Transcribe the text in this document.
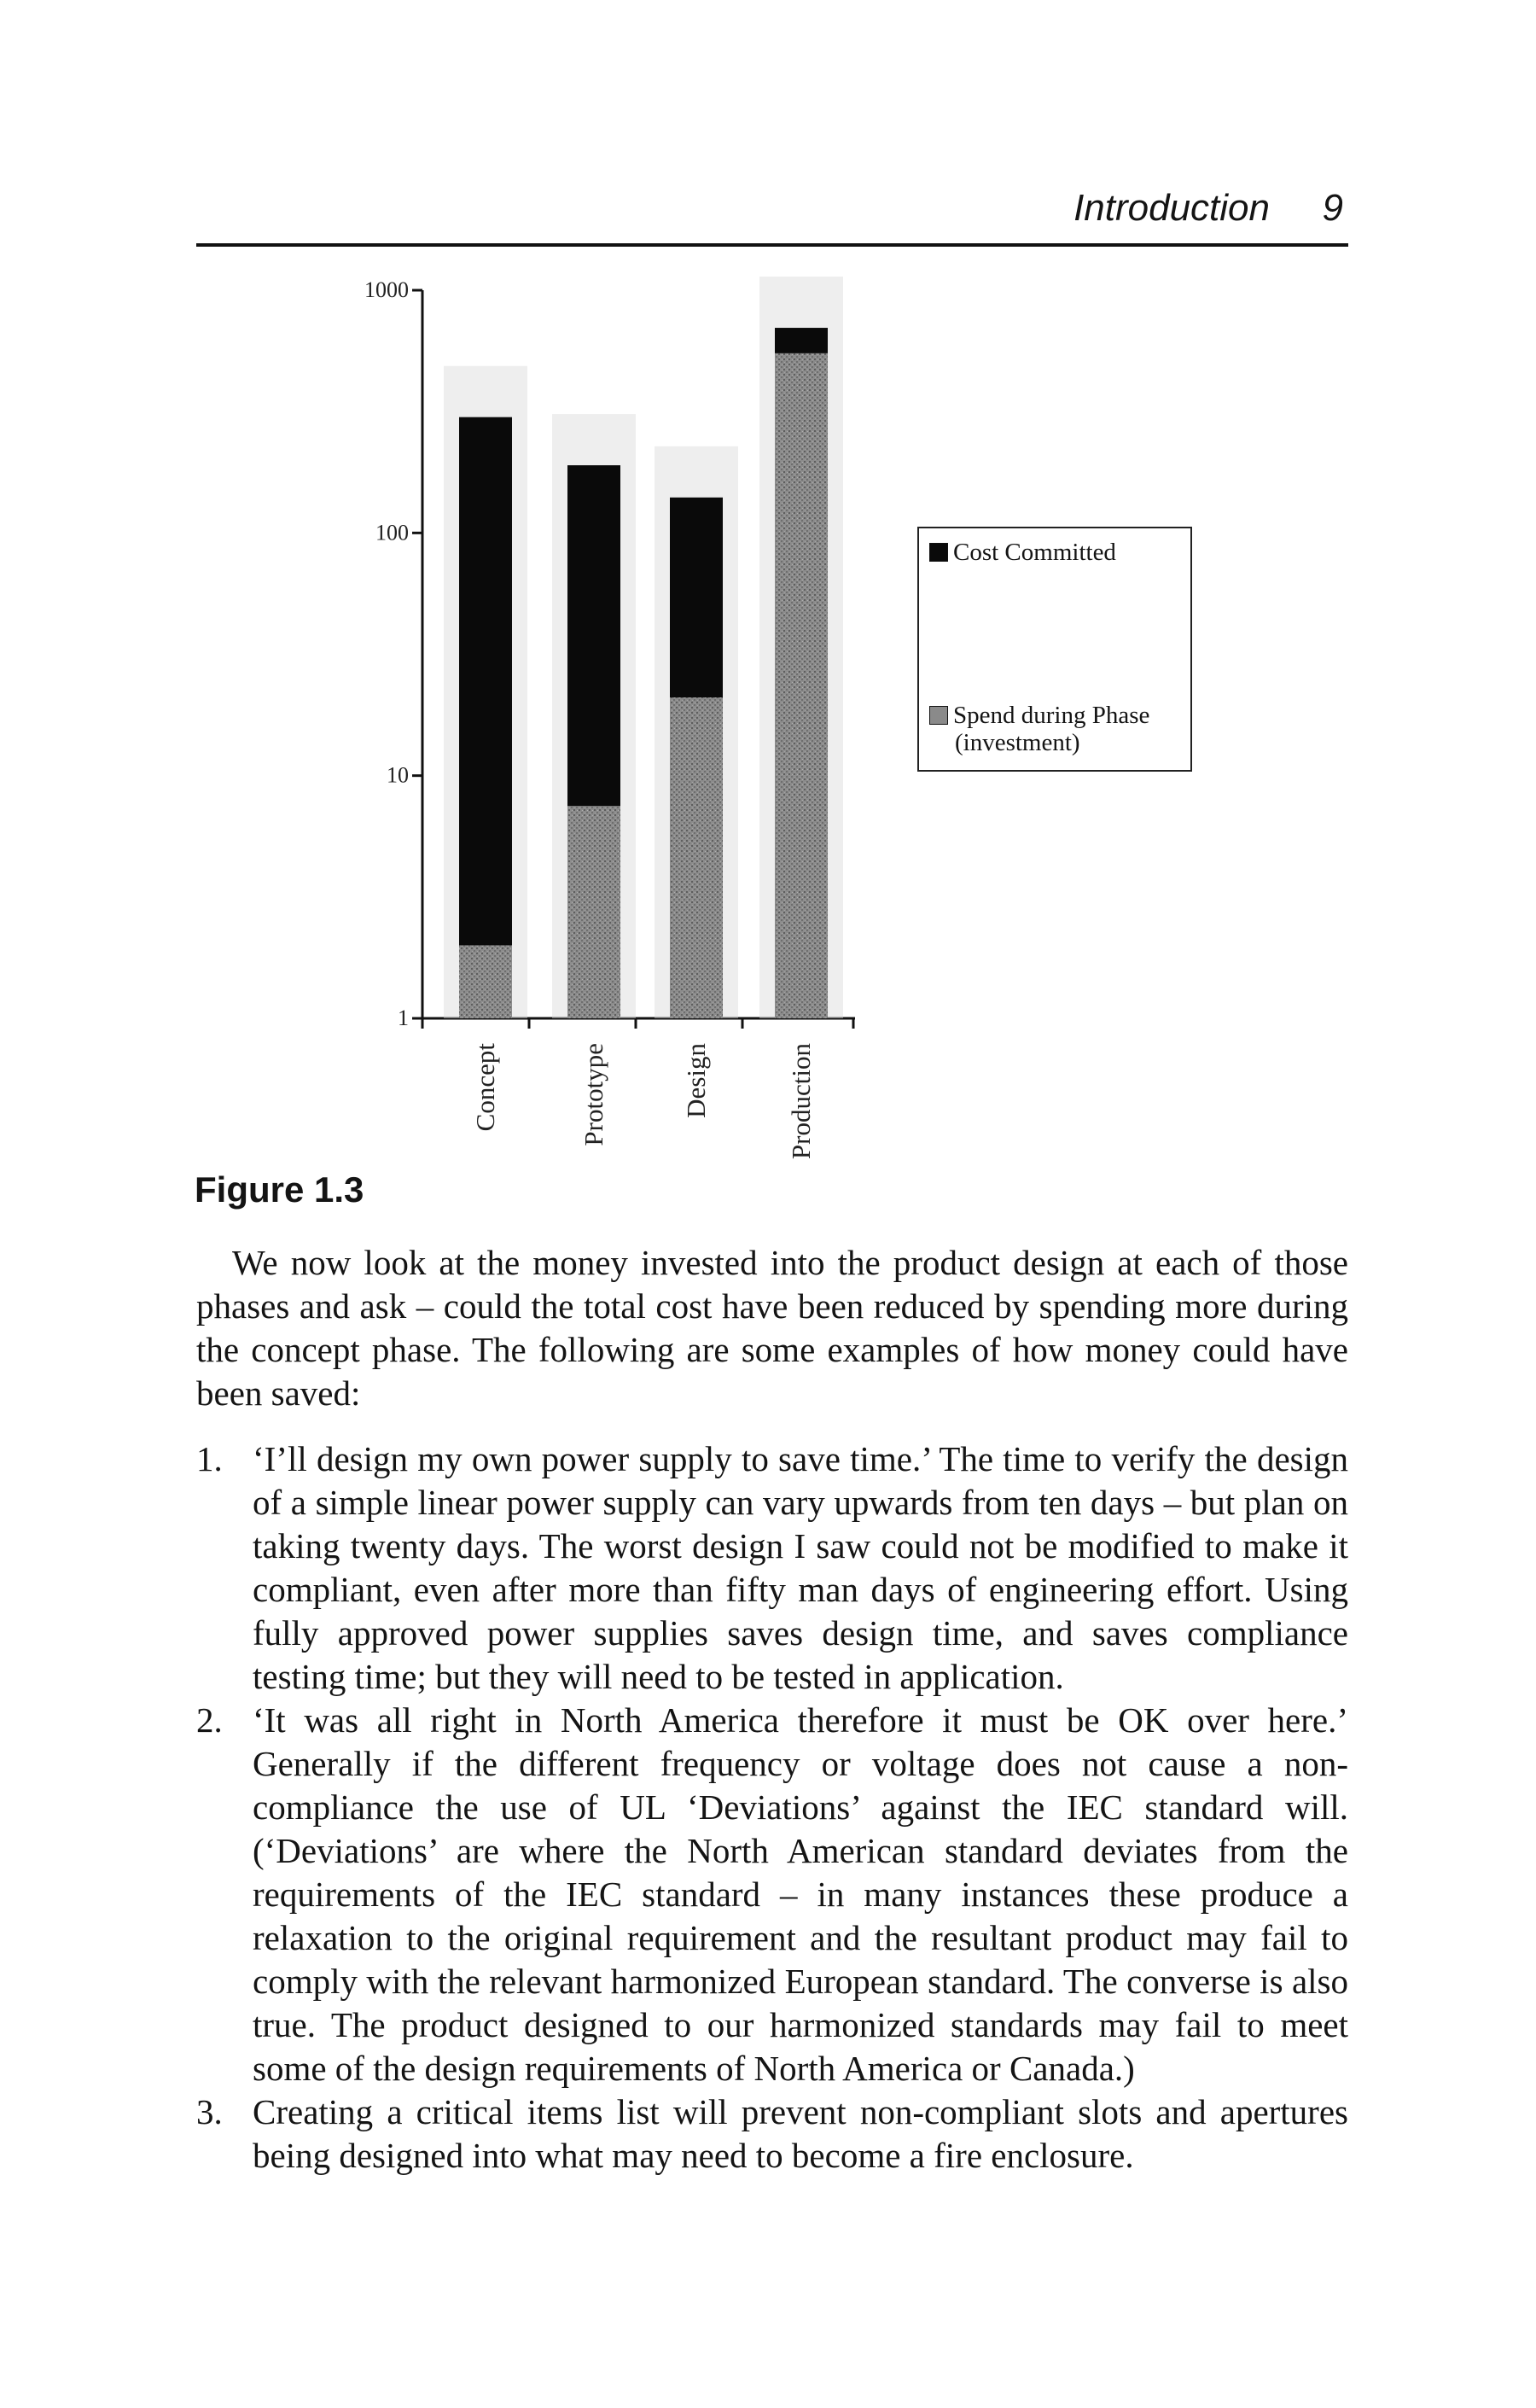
Introduction 9
1
10
100
1000
Concept	Prototype	Design	Production
Cost Committed
Spend during Phase
(investment)
Figure 1.3

We now look at the money invested into the product design at each of those phases and ask – could the total cost have been reduced by spending more during the concept phase. The following are some examples of how money could have been saved:

1. ‘I’ll design my own power supply to save time.’ The time to verify the design of a simple linear power supply can vary upwards from ten days – but plan on taking twenty days. The worst design I saw could not be modified to make it compliant, even after more than fifty man days of engineering effort. Using fully approved power supplies saves design time, and saves compliance testing time; but they will need to be tested in application.
2. ‘It was all right in North America therefore it must be OK over here.’ Generally if the different frequency or voltage does not cause a non-compliance the use of UL ‘Deviations’ against the IEC standard will. (‘Deviations’ are where the North American standard deviates from the requirements of the IEC standard – in many instances these produce a relaxation to the original requirement and the resultant product may fail to comply with the relevant harmonized European standard. The converse is also true. The product designed to our harmonized standards may fail to meet some of the design requirements of North America or Canada.)
3. Creating a critical items list will prevent non-compliant slots and apertures being designed into what may need to become a fire enclosure.
